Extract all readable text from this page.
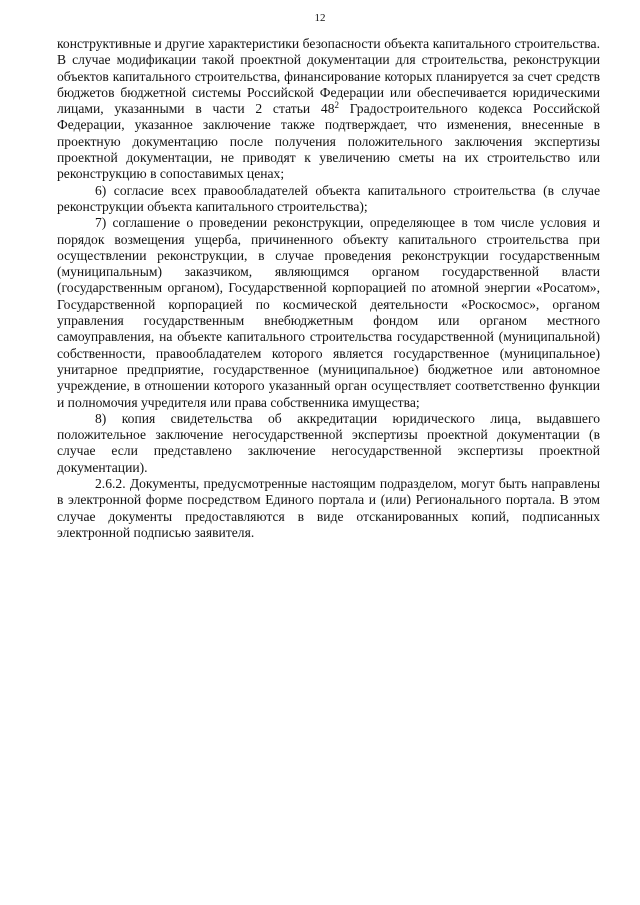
12

конструктивные и другие характеристики безопасности объекта капитального строительства. В случае модификации такой проектной документации для строительства, реконструкции объектов капитального строительства, финансирование которых планируется за счет средств бюджетов бюджетной системы Российской Федерации или обеспечивается юридическими лицами, указанными в части 2 статьи $48^2$ Градостроительного кодекса Российской Федерации, указанное заключение также подтверждает, что изменения, внесенные в проектную документацию после получения положительного заключения экспертизы проектной документации, не приводят к увеличению сметы на их строительство или реконструкцию в сопоставимых ценах;

6) согласие всех правообладателей объекта капитального строительства (в случае реконструкции объекта капитального строительства);

7) соглашение о проведении реконструкции, определяющее в том числе условия и порядок возмещения ущерба, причиненного объекту капитального строительства при осуществлении реконструкции, в случае проведения реконструкции государственным (муниципальным) заказчиком, являющимся органом государственной власти (государственным органом), Государственной корпорацией по атомной энергии «Росатом», Государственной корпорацией по космической деятельности «Роскосмос», органом управления государственным внебюджетным фондом или органом местного самоуправления, на объекте капитального строительства государственной (муниципальной) собственности, правообладателем которого является государственное (муниципальное) унитарное предприятие, государственное (муниципальное) бюджетное или автономное учреждение, в отношении которого указанный орган осуществляет соответственно функции и полномочия учредителя или права собственника имущества;

8) копия свидетельства об аккредитации юридического лица, выдавшего положительное заключение негосударственной экспертизы проектной документации (в случае если представлено заключение негосударственной экспертизы проектной документации).

2.6.2. Документы, предусмотренные настоящим подразделом, могут быть направлены в электронной форме посредством Единого портала и (или) Регионального портала. В этом случае документы предоставляются в виде отсканированных копий, подписанных электронной подписью заявителя.
